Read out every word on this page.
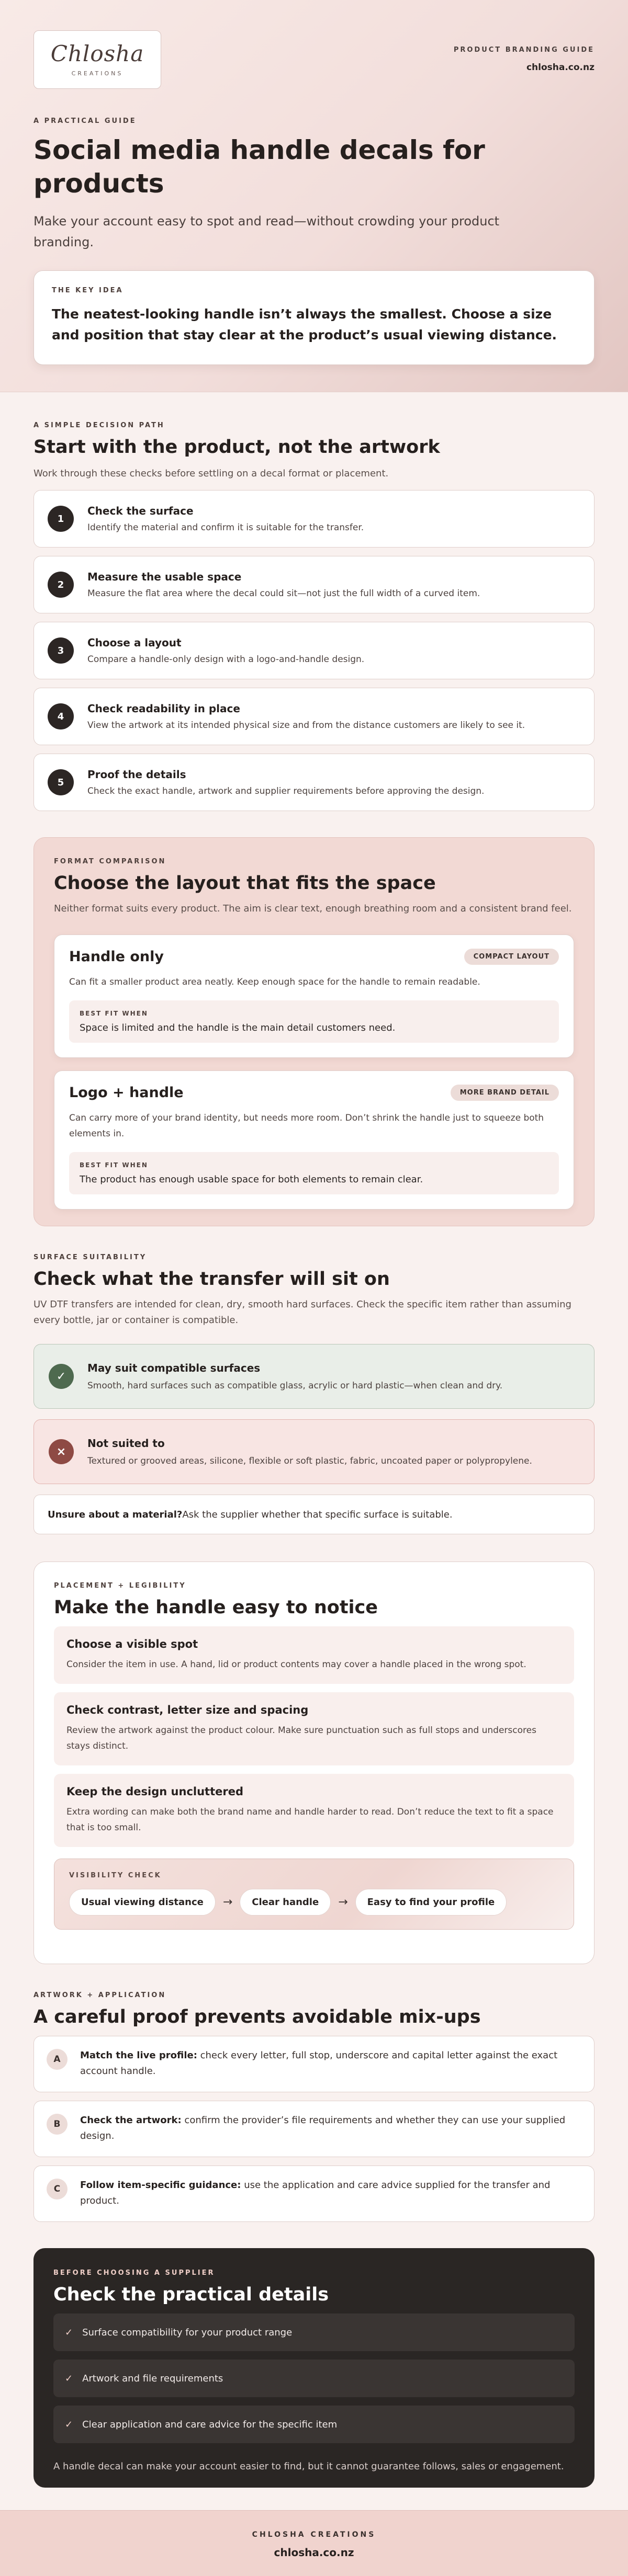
Chlosha
CREATIONS
PRODUCT BRANDING GUIDE
chlosha.co.nz
A PRACTICAL GUIDE
Social media handle decals for products

Make your account easy to spot and read—without crowding your product branding.

THE KEY IDEA
The neatest-looking handle isn’t always the smallest. Choose a size and position that stay clear at the product’s usual viewing distance.
A SIMPLE DECISION PATH
Start with the product, not the artwork

Work through these checks before settling on a decal format or placement.

1
Check the surface
Identify the material and confirm it is suitable for the transfer.
2
Measure the usable space
Measure the flat area where the decal could sit—not just the full width of a curved item.
3
Choose a layout
Compare a handle-only design with a logo-and-handle design.
4
Check readability in place
View the artwork at its intended physical size and from the distance customers are likely to see it.
5
Proof the details
Check the exact handle, artwork and supplier requirements before approving the design.
FORMAT COMPARISON
Choose the layout that fits the space

Neither format suits every product. The aim is clear text, enough breathing room and a consistent brand feel.

Handle only	COMPACT LAYOUT
Can fit a smaller product area neatly. Keep enough space for the handle to remain readable.
BEST FIT WHEN
Space is limited and the handle is the main detail customers need.
Logo + handle	MORE BRAND DETAIL
Can carry more of your brand identity, but needs more room. Don’t shrink the handle just to squeeze both elements in.
BEST FIT WHEN
The product has enough usable space for both elements to remain clear.
SURFACE SUITABILITY
Check what the transfer will sit on

UV DTF transfers are intended for clean, dry, smooth hard surfaces. Check the specific item rather than assuming every bottle, jar or container is compatible.

✓
May suit compatible surfaces
Smooth, hard surfaces such as compatible glass, acrylic or hard plastic—when clean and dry.
×
Not suited to
Textured or grooved areas, silicone, flexible or soft plastic, fabric, uncoated paper or polypropylene.
Unsure about a material? Ask the supplier whether that specific surface is suitable.
PLACEMENT + LEGIBILITY
Make the handle easy to notice
Choose a visible spot
Consider the item in use. A hand, lid or product contents may cover a handle placed in the wrong spot.
Check contrast, letter size and spacing
Review the artwork against the product colour. Make sure punctuation such as full stops and underscores stays distinct.
Keep the design uncluttered
Extra wording can make both the brand name and handle harder to read. Don’t reduce the text to fit a space that is too small.
VISIBILITY CHECK
Usual viewing distance	→	Clear handle	→	Easy to find your profile
ARTWORK + APPLICATION
A careful proof prevents avoidable mix-ups
A	Match the live profile: check every letter, full stop, underscore and capital letter against the exact account handle.
B	Check the artwork: confirm the provider’s file requirements and whether they can use your supplied design.
C	Follow item-specific guidance: use the application and care advice supplied for the transfer and product.
BEFORE CHOOSING A SUPPLIER
Check the practical details
✓ Surface compatibility for your product range
✓ Artwork and file requirements
✓ Clear application and care advice for the specific item

A handle decal can make your account easier to find, but it cannot guarantee follows, sales or engagement.

CHLOSHA CREATIONS
chlosha.co.nz
